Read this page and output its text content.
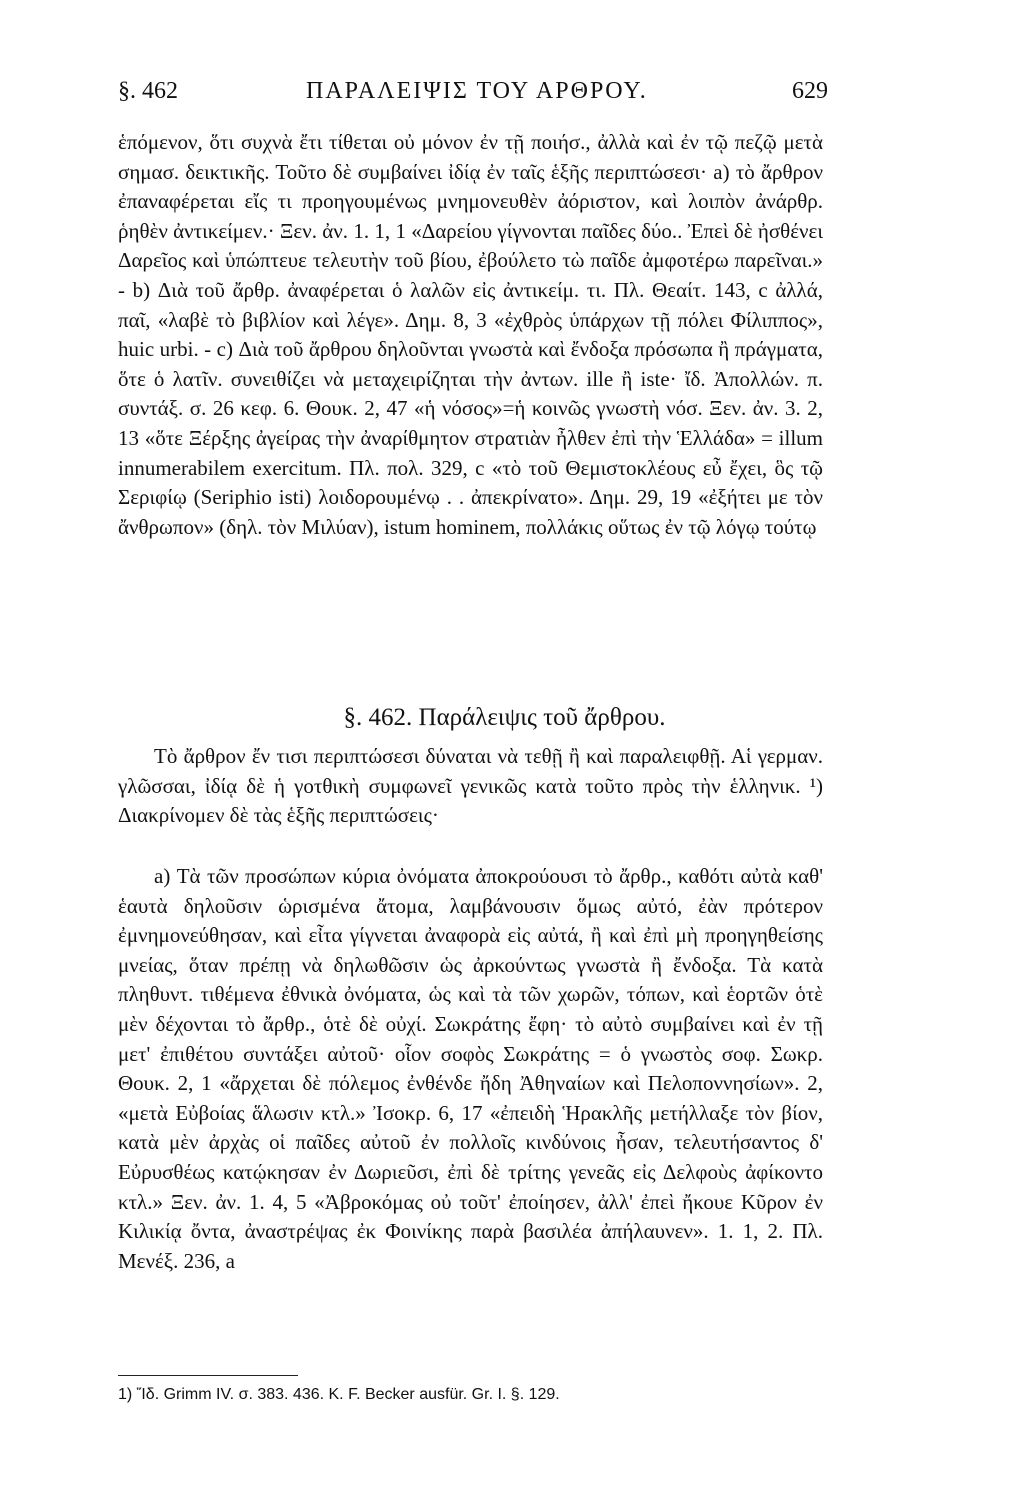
§. 462	ΠΑΡΑΛΕΙΨΙΣ ΤΟΥ ΑΡΘΡΟΥ.	629
ἑπόμενον, ὅτι συχνὰ ἔτι τίθεται οὐ μόνον ἐν τῇ ποιήσ., ἀλλὰ καὶ ἐν τῷ πεζῷ μετὰ σημασ. δεικτικῆς. Τοῦτο δὲ συμβαίνει ἰδίᾳ ἐν ταῖς ἑξῆς περιπτώσεσι· a) τὸ ἄρθρον ἐπαναφέρεται εἴς τι προηγουμένως μνημονευθὲν ἀόριστον, καὶ λοιπὸν ἀνάρθρ. ῥηθὲν ἀντικείμεν.· Ξεν. ἀν. 1. 1, 1 «Δαρείου γίγνονται παῖδες δύο.. Ἐπεὶ δὲ ἠσθένει Δαρεῖος καὶ ὑπώπτευε τελευτὴν τοῦ βίου, ἐβούλετο τὼ παῖδε ἀμφοτέρω παρεῖναι.» - b) Διὰ τοῦ ἄρθρ. ἀναφέρεται ὁ λαλῶν εἰς ἀντικείμ. τι. Πλ. Θεαίτ. 143, c ἀλλά, παῖ, «λαβὲ τὸ βιβλίον καὶ λέγε». Δημ. 8, 3 «ἐχθρὸς ὑπάρχων τῇ πόλει Φίλιππος», huic urbi. - c) Διὰ τοῦ ἄρθρου δηλοῦνται γνωστὰ καὶ ἔνδοξα πρόσωπα ἢ πράγματα, ὅτε ὁ λατῖν. συνειθίζει νὰ μεταχειρίζηται τὴν ἀντων. ille ἢ iste· ἴδ. Ἀπολλών. π. συντάξ. σ. 26 κεφ. 6. Θουκ. 2, 47 «ἡ νόσος»=ἡ κοινῶς γνωστὴ νόσ. Ξεν. ἀν. 3. 2, 13 «ὅτε Ξέρξης ἀγείρας τὴν ἀναρίθμητον στρατιὰν ἦλθεν ἐπὶ τὴν Ἑλλάδα» = illum innumerabilem exercitum. Πλ. πολ. 329, c «τὸ τοῦ Θεμιστοκλέους εὖ ἔχει, ὃς τῷ Σεριφίῳ (Seriphio isti) λοιδορουμένῳ . . ἀπεκρίνατο». Δημ. 29, 19 «ἐξήτει με τὸν ἄνθρωπον» (δηλ. τὸν Μιλύαν), istum hominem, πολλάκις οὕτως ἐν τῷ λόγῳ τούτῳ
§. 462. Παράλειψις τοῦ ἄρθρου.
Τὸ ἄρθρον ἔν τισι περιπτώσεσι δύναται νὰ τεθῇ ἢ καὶ παραλειφθῇ. Αἱ γερμαν. γλῶσσαι, ἰδίᾳ δὲ ἡ γοτθικὴ συμφωνεῖ γενικῶς κατὰ τοῦτο πρὸς τὴν ἑλληνικ. ¹) Διακρίνομεν δὲ τὰς ἑξῆς περιπτώσεις·
a) Τὰ τῶν προσώπων κύρια ὀνόματα ἀποκρούουσι τὸ ἄρθρ., καθότι αὐτὰ καθ' ἑαυτὰ δηλοῦσιν ὡρισμένα ἄτομα, λαμβάνουσιν ὅμως αὐτό, ἐὰν πρότερον ἐμνημονεύθησαν, καὶ εἶτα γίγνεται ἀναφορὰ εἰς αὐτά, ἢ καὶ ἐπὶ μὴ προηγηθείσης μνείας, ὅταν πρέπῃ νὰ δηλωθῶσιν ὡς ἀρκούντως γνωστὰ ἢ ἔνδοξα. Τὰ κατὰ πληθυντ. τιθέμενα ἐθνικὰ ὀνόματα, ὡς καὶ τὰ τῶν χωρῶν, τόπων, καὶ ἑορτῶν ὁτὲ μὲν δέχονται τὸ ἄρθρ., ὁτὲ δὲ οὐχί. Σωκράτης ἔφη· τὸ αὐτὸ συμβαίνει καὶ ἐν τῇ μετ' ἐπιθέτου συντάξει αὐτοῦ· οἷον σοφὸς Σωκράτης = ὁ γνωστὸς σοφ. Σωκρ. Θουκ. 2, 1 «ἄρχεται δὲ πόλεμος ἐνθένδε ἤδη Ἀθηναίων καὶ Πελοποννησίων». 2, «μετὰ Εὐβοίας ἅλωσιν κτλ.» Ἰσοκρ. 6, 17 «ἐπειδὴ Ἡρακλῆς μετήλλαξε τὸν βίον, κατὰ μὲν ἀρχὰς οἱ παῖδες αὐτοῦ ἐν πολλοῖς κινδύνοις ἦσαν, τελευτήσαντος δ' Εὐρυσθέως κατῴκησαν ἐν Δωριεῦσι, ἐπὶ δὲ τρίτης γενεᾶς εἰς Δελφοὺς ἀφίκοντο κτλ.» Ξεν. ἀν. 1. 4, 5 «Ἀβροκόμας οὐ τοῦτ' ἐποίησεν, ἀλλ' ἐπεὶ ἤκουε Κῦρον ἐν Κιλικίᾳ ὄντα, ἀναστρέψας ἐκ Φοινίκης παρὰ βασιλέα ἀπήλαυνεν». 1. 1, 2. Πλ. Μενέξ. 236, a
1) Ἴδ. Grimm IV. σ. 383. 436. K. F. Becker ausfür. Gr. I. §. 129.
